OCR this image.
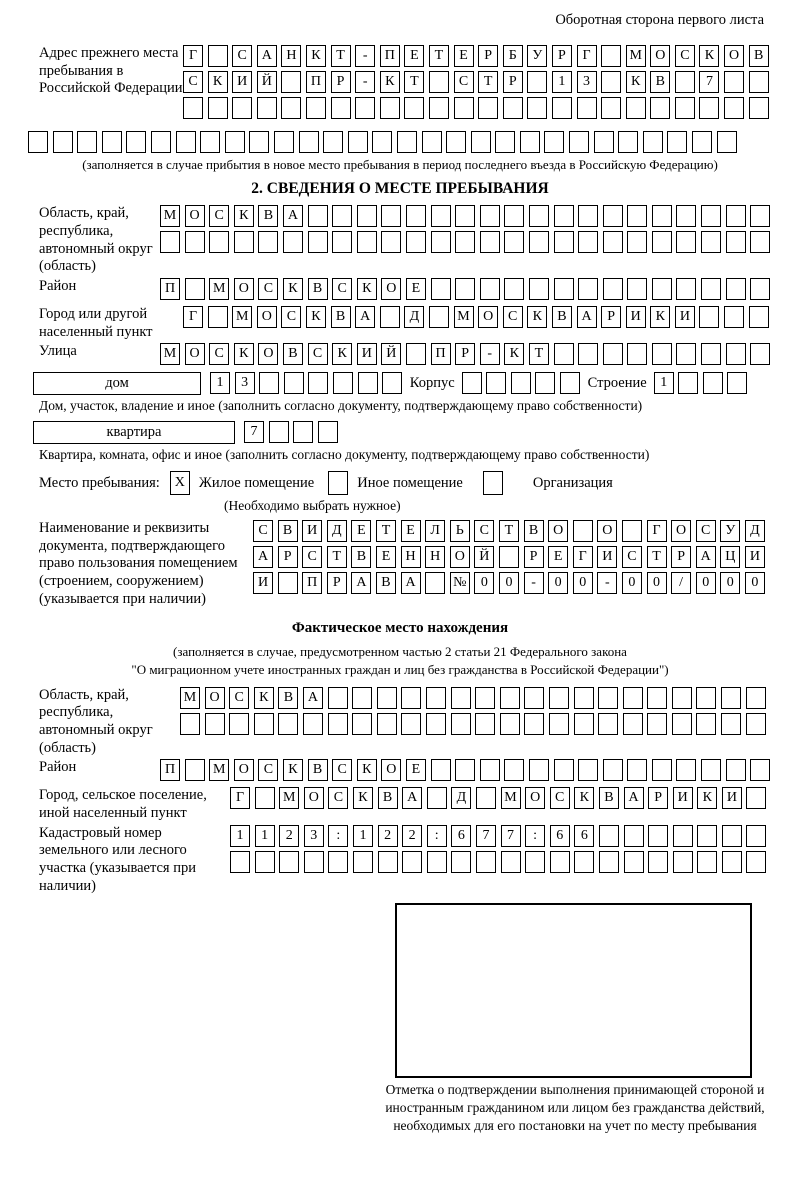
Оборотная сторона первого листа
Адрес прежнего места пребывания в Российской Федерации
Г	С	А	Н	К	Т	-	П	Е	Т	Е	Р	Б	У	Р	Г	М О	С	К	О	В
С	К	И	Й	П	Р	-	К	Т	С	Т	Р	1	3	К	В	7
(заполняется в случае прибытия в новое место пребывания в период последнего въезда в Российскую Федерацию)
2. СВЕДЕНИЯ О МЕСТЕ ПРЕБЫВАНИЯ
Область, край, республика, автономный округ (область)
М О	С	К	В	А
Район	П	М О	С	К	В	С	К	О	Е
Город или другой населенный пункт
Г	М О	С	К	В	А	Д	М О	С	К	В	А	Р	И	К	И
Улица	М О	С	К	О	В	С	К	И	Й	П	Р	-	К	Т
дом	1	3	Корпус	Строение 1
Дом, участок, владение и иное (заполнить согласно документу, подтверждающему право собственности)
квартира	7
Квартира, комната, офис и иное (заполнить согласно документу, подтверждающему право собственности)
Место пребывания: X Жилое помещение	Иное помещение	Организация
(Необходимо выбрать нужное)
Наименование и реквизиты документа, подтверждающего право пользования помещением (строением, сооружением) (указывается при наличии)
С	В	И	Д	Е	Т	Е	Л	Ь	С	Т	В	О	О	Г	О	С	У	Д
А	Р	С	Т	В	Е	Н	Н	О	Й	Р	Е	Г	И	С	Т	Р	А	Ц	И
И	П	Р	А	В	А	№	0	0	-	0	0	-	0	0	/	0	0	0
Фактическое место нахождения
(заполняется в случае, предусмотренном частью 2 статьи 21 Федерального закона
"О миграционном учете иностранных граждан и лиц без гражданства в Российской Федерации")
Область, край, республика, автономный округ (область)
М О	С	К	В	А
Район	П	М О	С	К	В	С	К	О	Е
Город, сельское поселение, иной населенный пункт
Г	М О	С	К	В	А	Д	М О	С	К	В	А	Р	И	К	И
Кадастровый номер земельного или лесного участка (указывается при наличии)
1	1	2	3	:	1	2	2	:	6	7	7	:	6	6
Отметка о подтверждении выполнения принимающей стороной и иностранным гражданином или лицом без гражданства действий, необходимых для его постановки на учет по месту пребывания
